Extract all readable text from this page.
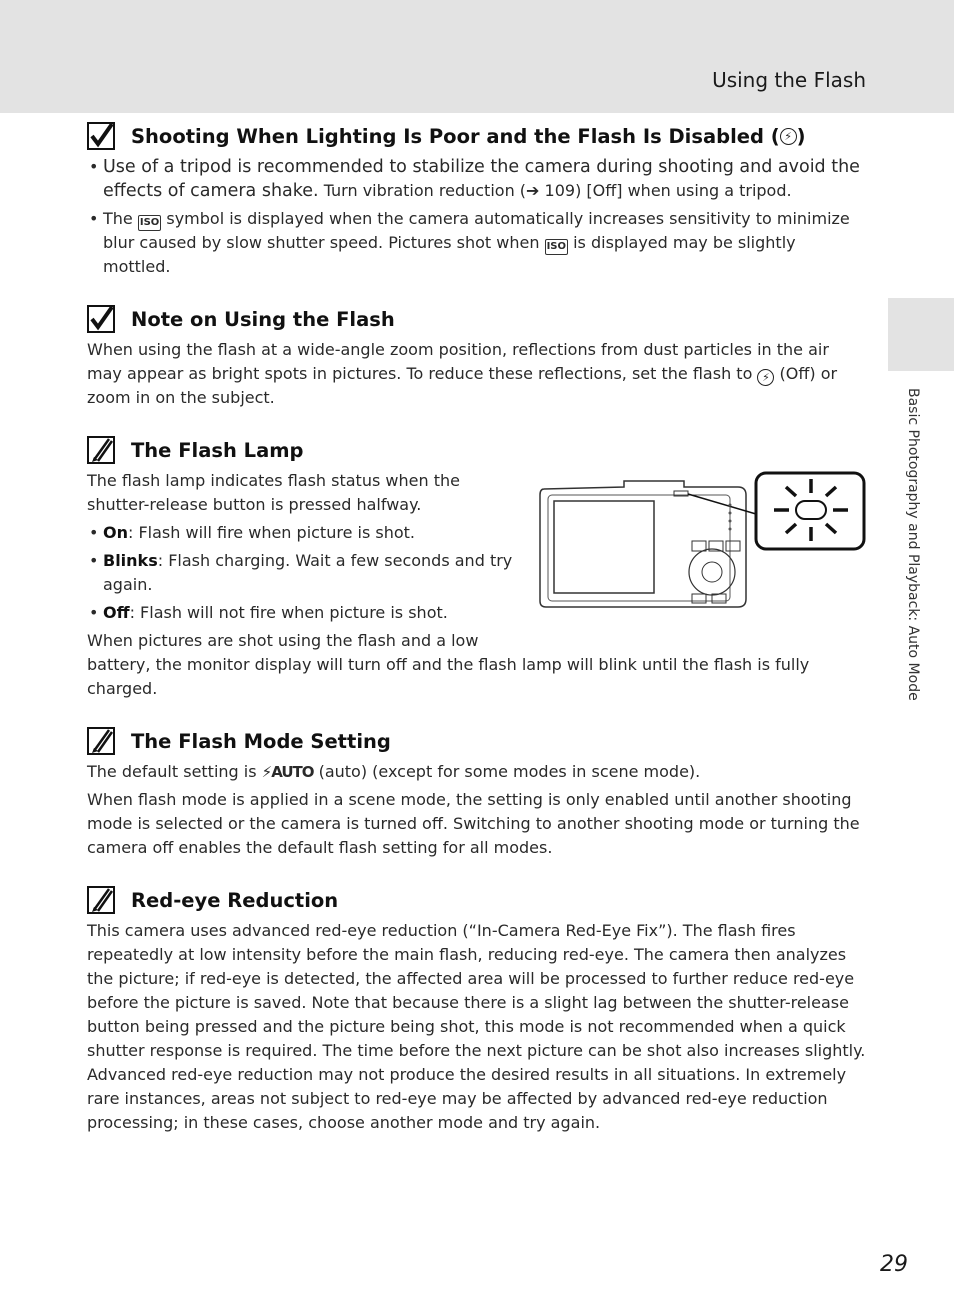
Using the Flash
Basic Photography and Playback: Auto Mode
Shooting When Lighting Is Poor and the Flash Is Disabled ( ⚡ )
• Use of a tripod is recommended to stabilize the camera during shooting and avoid the effects of camera shake. Turn vibration reduction (➔ 109) [Off] when using a tripod.
• The ISO symbol is displayed when the camera automatically increases sensitivity to minimize blur caused by slow shutter speed. Pictures shot when ISO is displayed may be slightly mottled.
Note on Using the Flash

When using the flash at a wide-angle zoom position, reflections from dust particles in the air may appear as bright spots in pictures. To reduce these reflections, set the flash to ⚡ (Off) or zoom in on the subject.

The Flash Lamp

The flash lamp indicates flash status when the shutter-release button is pressed halfway.

• On: Flash will fire when picture is shot.
• Blinks: Flash charging. Wait a few seconds and try again.
• Off: Flash will not fire when picture is shot.

When pictures are shot using the flash and a low

battery, the monitor display will turn off and the flash lamp will blink until the flash is fully charged.

The Flash Mode Setting

The default setting is ⚡AUTO (auto) (except for some modes in scene mode).

When flash mode is applied in a scene mode, the setting is only enabled until another shooting mode is selected or the camera is turned off. Switching to another shooting mode or turning the camera off enables the default flash setting for all modes.

Red-eye Reduction

This camera uses advanced red-eye reduction (“In-Camera Red-Eye Fix”). The flash fires repeatedly at low intensity before the main flash, reducing red-eye. The camera then analyzes the picture; if red-eye is detected, the affected area will be processed to further reduce red-eye before the picture is saved. Note that because there is a slight lag between the shutter-release button being pressed and the picture being shot, this mode is not recommended when a quick shutter response is required. The time before the next picture can be shot also increases slightly. Advanced red-eye reduction may not produce the desired results in all situations. In extremely rare instances, areas not subject to red-eye may be affected by advanced red-eye reduction processing; in these cases, choose another mode and try again.

29
